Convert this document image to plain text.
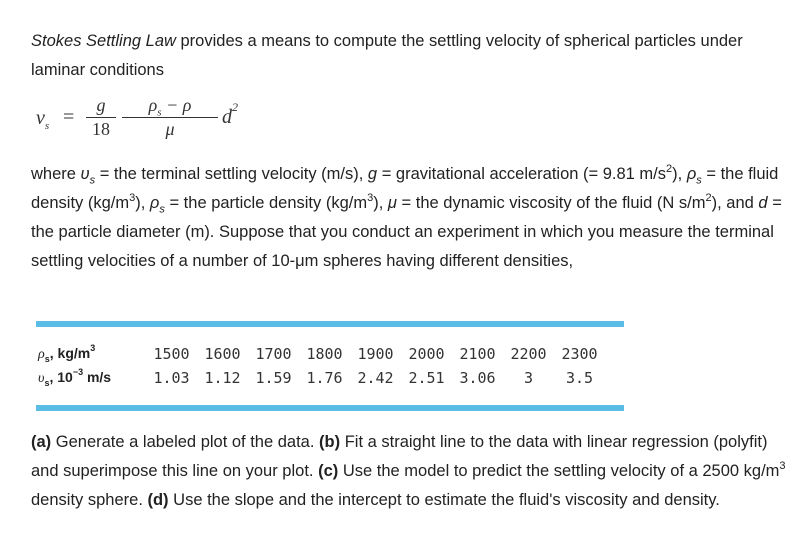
Stokes Settling Law provides a means to compute the settling velocity of spherical particles under laminar conditions
$v_s$ =
g
18
$\rho_s - \rho$
μ
$d^2$
where $\upsilon_s$ = the terminal settling velocity (m/s), g = gravitational acceleration (= 9.81 $m/s^2$), $\rho_s$ = the fluid density $(kg/m^3)$, $\rho_s$ = the particle density $(kg/m^3)$, μ = the dynamic viscosity of the fluid (N $s/m^2$), and d = the particle diameter (m). Suppose that you conduct an experiment in which you measure the terminal settling velocities of a number of 10-μm spheres having different densities,
$\rho_s$, $kg/m^3$	1500	1600	1700	1800	1900	2000	2100	2200	2300
$\upsilon_s$, $10^{-3}$ m/s	1.03	1.12	1.59	1.76	2.42	2.51	3.06	3	3.5
(a) Generate a labeled plot of the data. (b) Fit a straight line to the data with linear regression (polyfit) and superimpose this line on your plot. (c) Use the model to predict the settling velocity of a 2500 $kg/m^3$ density sphere. (d) Use the slope and the intercept to estimate the fluid's viscosity and density.
